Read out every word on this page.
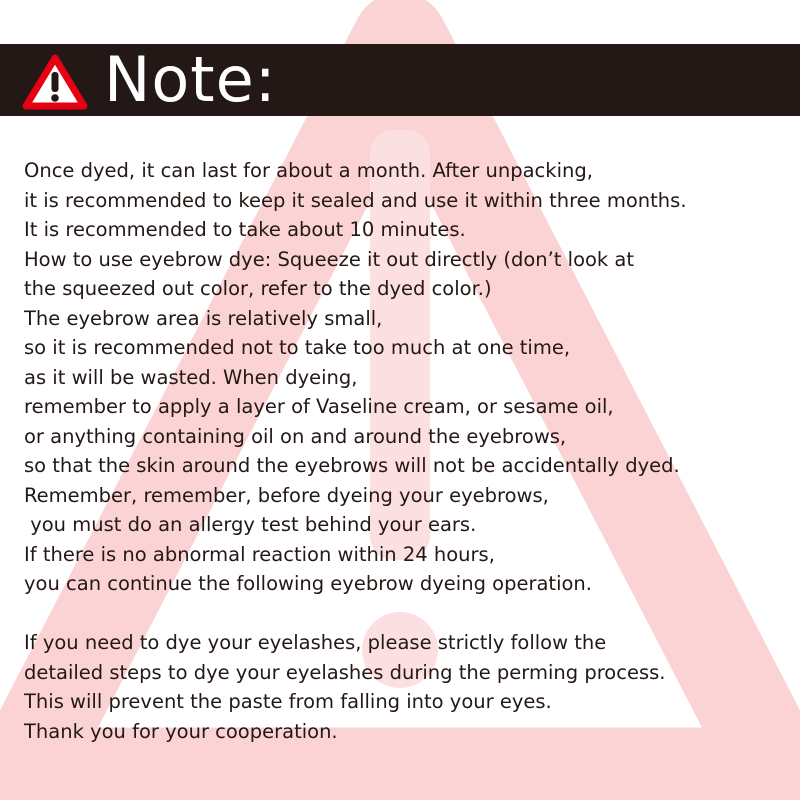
Note:
Once dyed, it can last for about a month. After unpacking,
it is recommended to keep it sealed and use it within three months.
It is recommended to take about 10 minutes.
How to use eyebrow dye: Squeeze it out directly (don’t look at
the squeezed out color, refer to the dyed color.)
The eyebrow area is relatively small,
so it is recommended not to take too much at one time,
as it will be wasted. When dyeing,
remember to apply a layer of Vaseline cream, or sesame oil,
or anything containing oil on and around the eyebrows,
so that the skin around the eyebrows will not be accidentally dyed.
Remember, remember, before dyeing your eyebrows,
you must do an allergy test behind your ears.
If there is no abnormal reaction within 24 hours,
you can continue the following eyebrow dyeing operation.
If you need to dye your eyelashes, please strictly follow the
detailed steps to dye your eyelashes during the perming process.
This will prevent the paste from falling into your eyes.
Thank you for your cooperation.
